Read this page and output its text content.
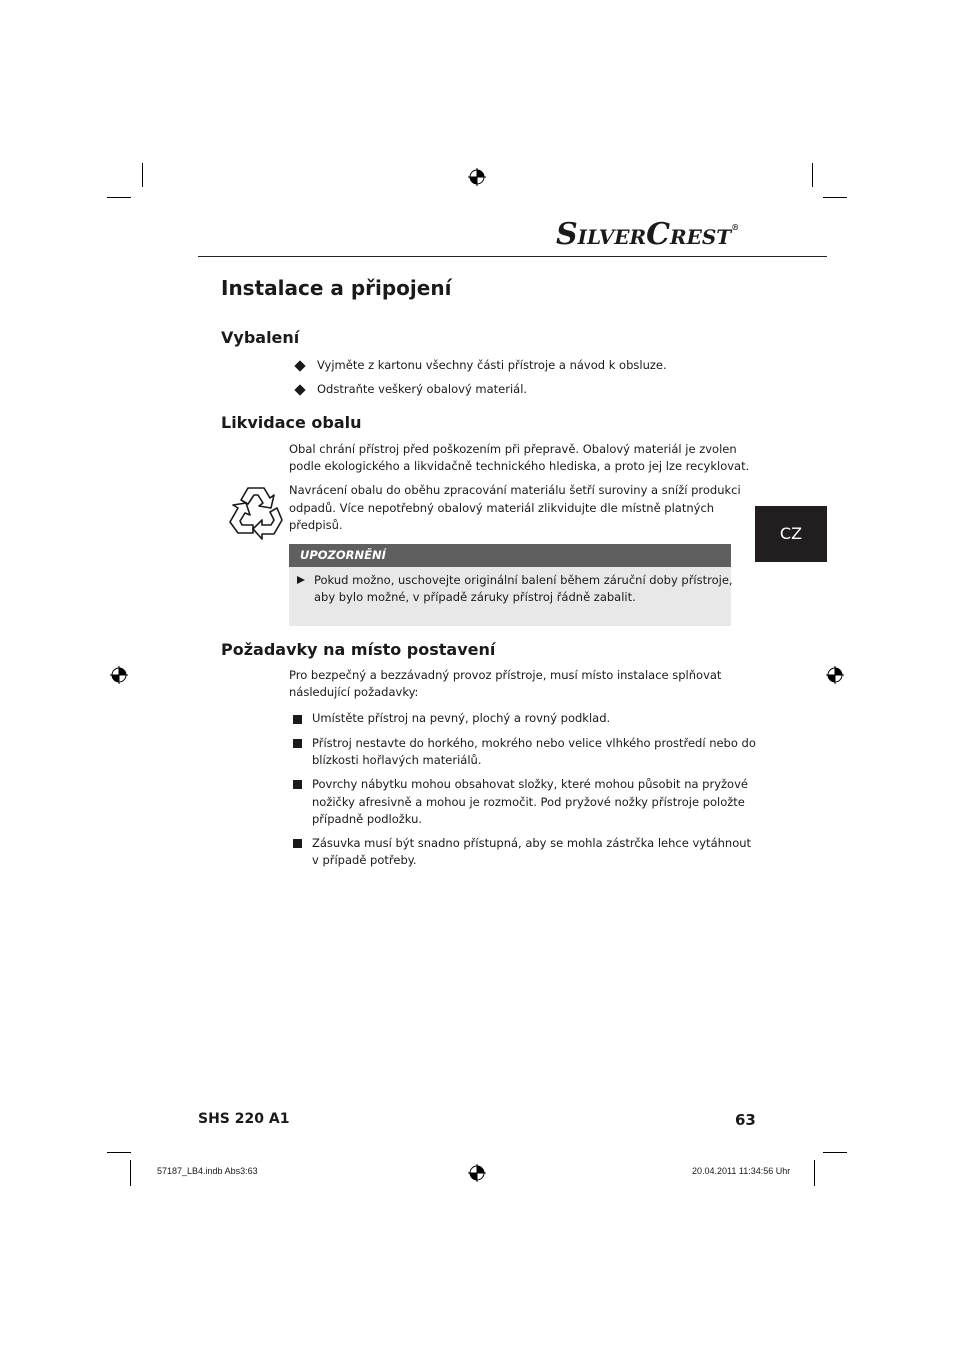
SILVERCREST®
Instalace a připojení
Vybalení
Vyjměte z kartonu všechny části přístroje a návod k obsluze.
Odstraňte veškerý obalový materiál.
Likvidace obalu
Obal chrání přístroj před poškozením při přepravě. Obalový materiál je zvolen
podle ekologického a likvidačně technického hlediska, a proto jej lze recyklovat.
Navrácení obalu do oběhu zpracování materiálu šetří suroviny a sníží produkci
odpadů. Více nepotřebný obalový materiál zlikvidujte dle místně platných
předpisů.
UPOZORNĚNÍ
Pokud možno, uschovejte originální balení během záruční doby přístroje,
aby bylo možné, v případě záruky přístroj řádně zabalit.
Požadavky na místo postavení
Pro bezpečný a bezzávadný provoz přístroje, musí místo instalace splňovat
následující požadavky:
Umístěte přístroj na pevný, plochý a rovný podklad.
Přístroj nestavte do horkého, mokrého nebo velice vlhkého prostředí nebo do
blízkosti hořlavých materiálů.
Povrchy nábytku mohou obsahovat složky, které mohou působit na pryžové
nožičky afresivně a mohou je rozmočit. Pod pryžové nožky přístroje položte
případně podložku.
Zásuvka musí být snadno přístupná, aby se mohla zástrčka lehce vytáhnout
v případě potřeby.
CZ
SHS 220 A1	63
57187_LB4.indb Abs3:63	20.04.2011 11:34:56 Uhr
